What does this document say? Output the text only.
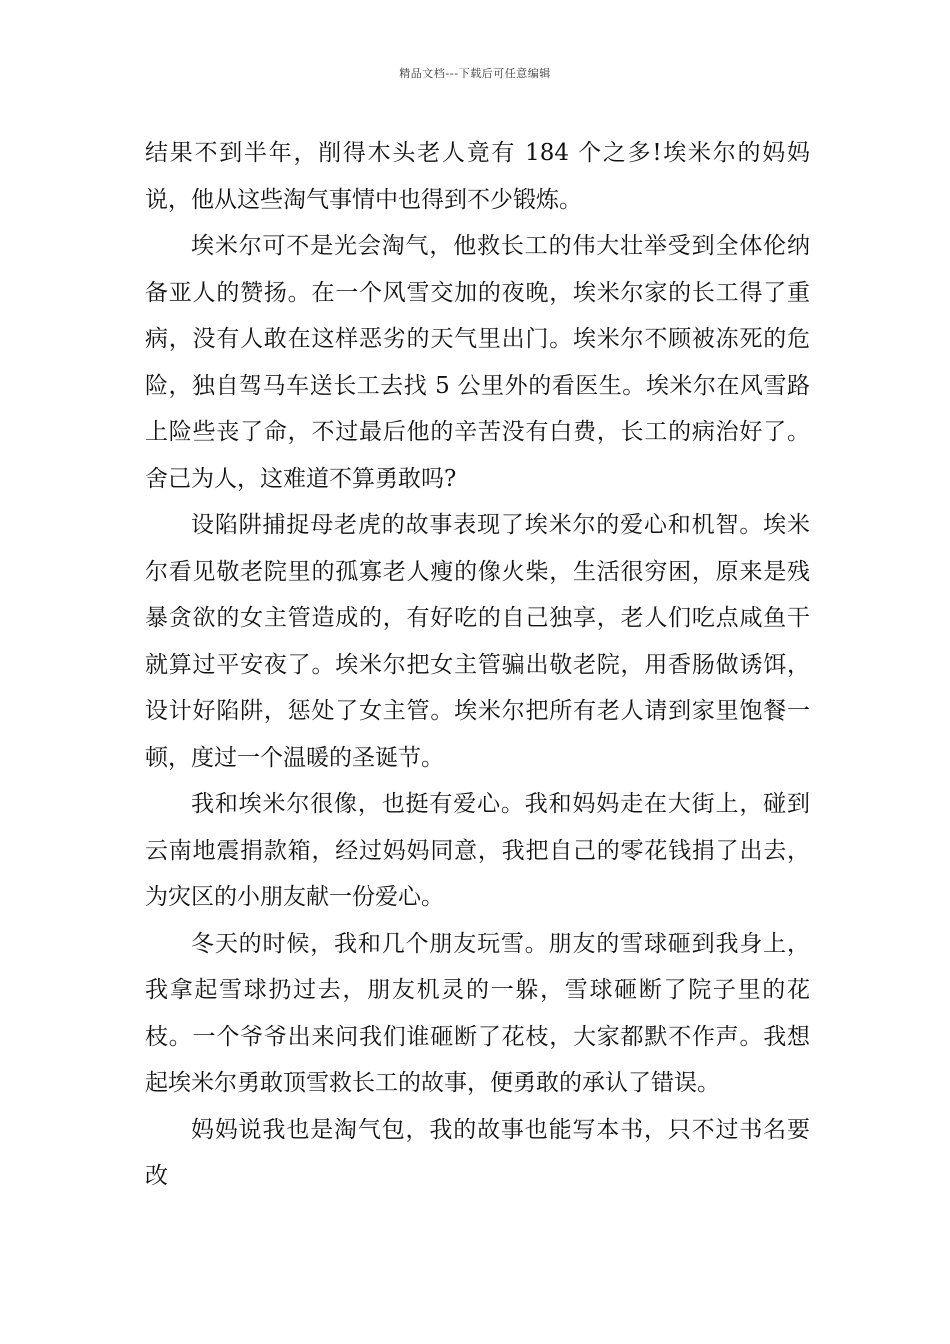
精品文档---下载后可任意编辑

结果不到半年，削得木头老人竟有 184 个之多!埃米尔的妈妈说，他从这些淘气事情中也得到不少锻炼。

埃米尔可不是光会淘气，他救长工的伟大壮举受到全体伦纳备亚人的赞扬。在一个风雪交加的夜晚，埃米尔家的长工得了重病，没有人敢在这样恶劣的天气里出门。埃米尔不顾被冻死的危险，独自驾马车送长工去找 5 公里外的看医生。埃米尔在风雪路上险些丧了命，不过最后他的辛苦没有白费，长工的病治好了。舍己为人，这难道不算勇敢吗?

设陷阱捕捉母老虎的故事表现了埃米尔的爱心和机智。埃米尔看见敬老院里的孤寡老人瘦的像火柴，生活很穷困，原来是残暴贪欲的女主管造成的，有好吃的自己独享，老人们吃点咸鱼干就算过平安夜了。埃米尔把女主管骗出敬老院，用香肠做诱饵，设计好陷阱，惩处了女主管。埃米尔把所有老人请到家里饱餐一顿，度过一个温暖的圣诞节。

我和埃米尔很像，也挺有爱心。我和妈妈走在大街上，碰到云南地震捐款箱，经过妈妈同意，我把自己的零花钱捐了出去，为灾区的小朋友献一份爱心。

冬天的时候，我和几个朋友玩雪。朋友的雪球砸到我身上，我拿起雪球扔过去，朋友机灵的一躲，雪球砸断了院子里的花枝。一个爷爷出来问我们谁砸断了花枝，大家都默不作声。我想起埃米尔勇敢顶雪救长工的故事，便勇敢的承认了错误。

妈妈说我也是淘气包，我的故事也能写本书，只不过书名要改
